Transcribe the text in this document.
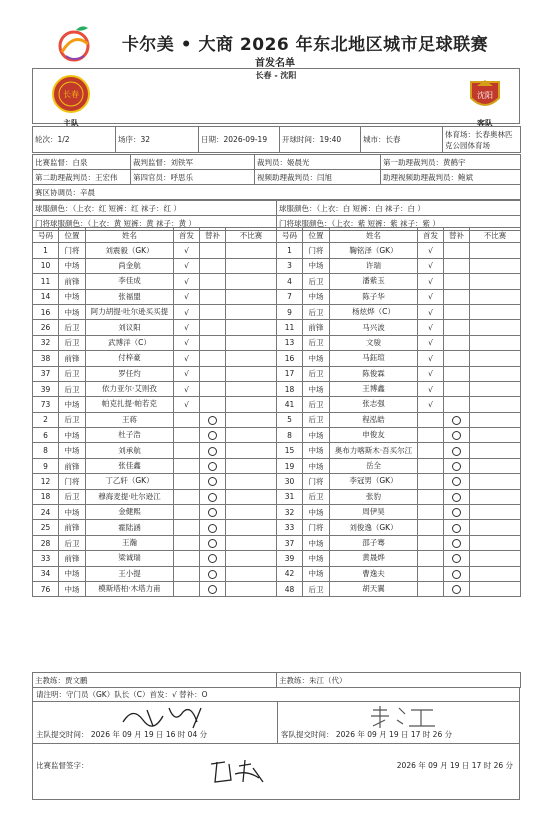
卡尔美 • 大商 2026 年东北地区城市足球联赛
首发名单
长春 - 沈阳
长春
主队
沈阳
客队
轮次：1/2	场序：32	日期：2026-09-19	开球时间：19:40	城市：长春	体育场：长春奥林匹克公园体育场
比赛监督：白泉	裁判监督：刘铁军	裁判员：姬晨光	第一助理裁判员：黄鹤宇
第二助理裁判员：王宏伟	第四官员：呼思乐	视频助理裁判员：闫旭	助理视频助理裁判员：鲍斌
赛区协调员：辛晨			
球服颜色：（上衣：红 短裤：红 袜子：红 ）	球服颜色：（上衣：白 短裤：白 袜子：白 ）
门将球服颜色：（上衣：黄 短裤：黄 袜子：黄 ）	门将球服颜色：（上衣：紫 短裤：紫 袜子：紫 ）
号码	位置	姓名	首发	替补	不比赛	号码	位置	姓名	首发	替补	不比赛
1	门将	刘震毅（GK）	√			1	门将	鞠铭泽（GK）	√		
10	中场	尚金航	√			3	中场	许瑞	√		
11	前锋	李佳成	√			4	后卫	潘紫玉	√		
14	中场	张福盟	√			7	中场	陈子华	√		
16	中场	阿力胡提·吐尔逊买买提	√			9	后卫	杨炫烨（C）	√		
26	后卫	刘议阳	√			11	前锋	马兴波	√		
32	后卫	武博洋（C）	√			13	后卫	文骏	√		
38	前锋	付梓豪	√			16	中场	马鈺瑄	√		
37	后卫	罗任灼	√			17	后卫	陈俊霖	√		
39	后卫	依力亚尔·艾则孜	√			18	中场	王博鑫	√		
73	中场	帕克扎提·帕若克	√			41	后卫	张志强	√		
2	后卫	王蒋				5	后卫	程泓皓			
6	中场	杜子浩				8	中场	申俊友			
8	中场	刘承航				15	中场	奥布力喀斯木·吾买尔江			
9	前锋	张佳鑫				19	中场	岳全			
12	门将	丁乙轩（GK）				30	门将	李冠男（GK）			
18	后卫	穆海麦提·吐尔逊江				31	后卫	张豹			
24	中场	金健熙				32	中场	周伊昊			
25	前锋	霍陆涵				33	门将	刘俊逸（GK）			
28	后卫	王瀚				37	中场	邵子骞			
33	前锋	梁诚瑞				39	中场	黄晟烨			
34	中场	王小提				42	中场	曹逸夫			
76	中场	模斯塔柏·木塔力甫				48	后卫	胡天翼			
主教练：贾文鹏	主教练：朱江（代）
请注明：守门员（GK）队长（C）首发：√ 替补：O
主队提交时间： 2026 年 09 月 19 日 16 时 04 分	客队提交时间： 2026 年 09 月 19 日 17 时 26 分
比赛监督签字：	2026 年 09 月 19 日 17 时 26 分
